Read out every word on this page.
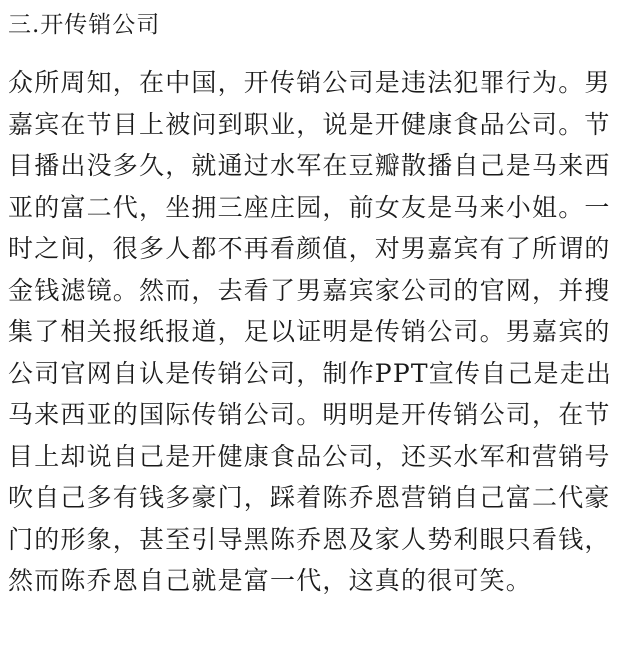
三.开传销公司
众所周知，在中国，开传销公司是违法犯罪行为。男
嘉宾在节目上被问到职业，说是开健康食品公司。节
目播出没多久，就通过水军在豆瓣散播自己是马来西
亚的富二代，坐拥三座庄园，前女友是马来小姐。一
时之间，很多人都不再看颜值，对男嘉宾有了所谓的
金钱滤镜。然而，去看了男嘉宾家公司的官网，并搜
集了相关报纸报道，足以证明是传销公司。男嘉宾的
公司官网自认是传销公司，制作PPT宣传自己是走出
马来西亚的国际传销公司。明明是开传销公司，在节
目上却说自己是开健康食品公司，还买水军和营销号
吹自己多有钱多豪门，踩着陈乔恩营销自己富二代豪
门的形象，甚至引导黑陈乔恩及家人势利眼只看钱，
然而陈乔恩自己就是富一代，这真的很可笑。
